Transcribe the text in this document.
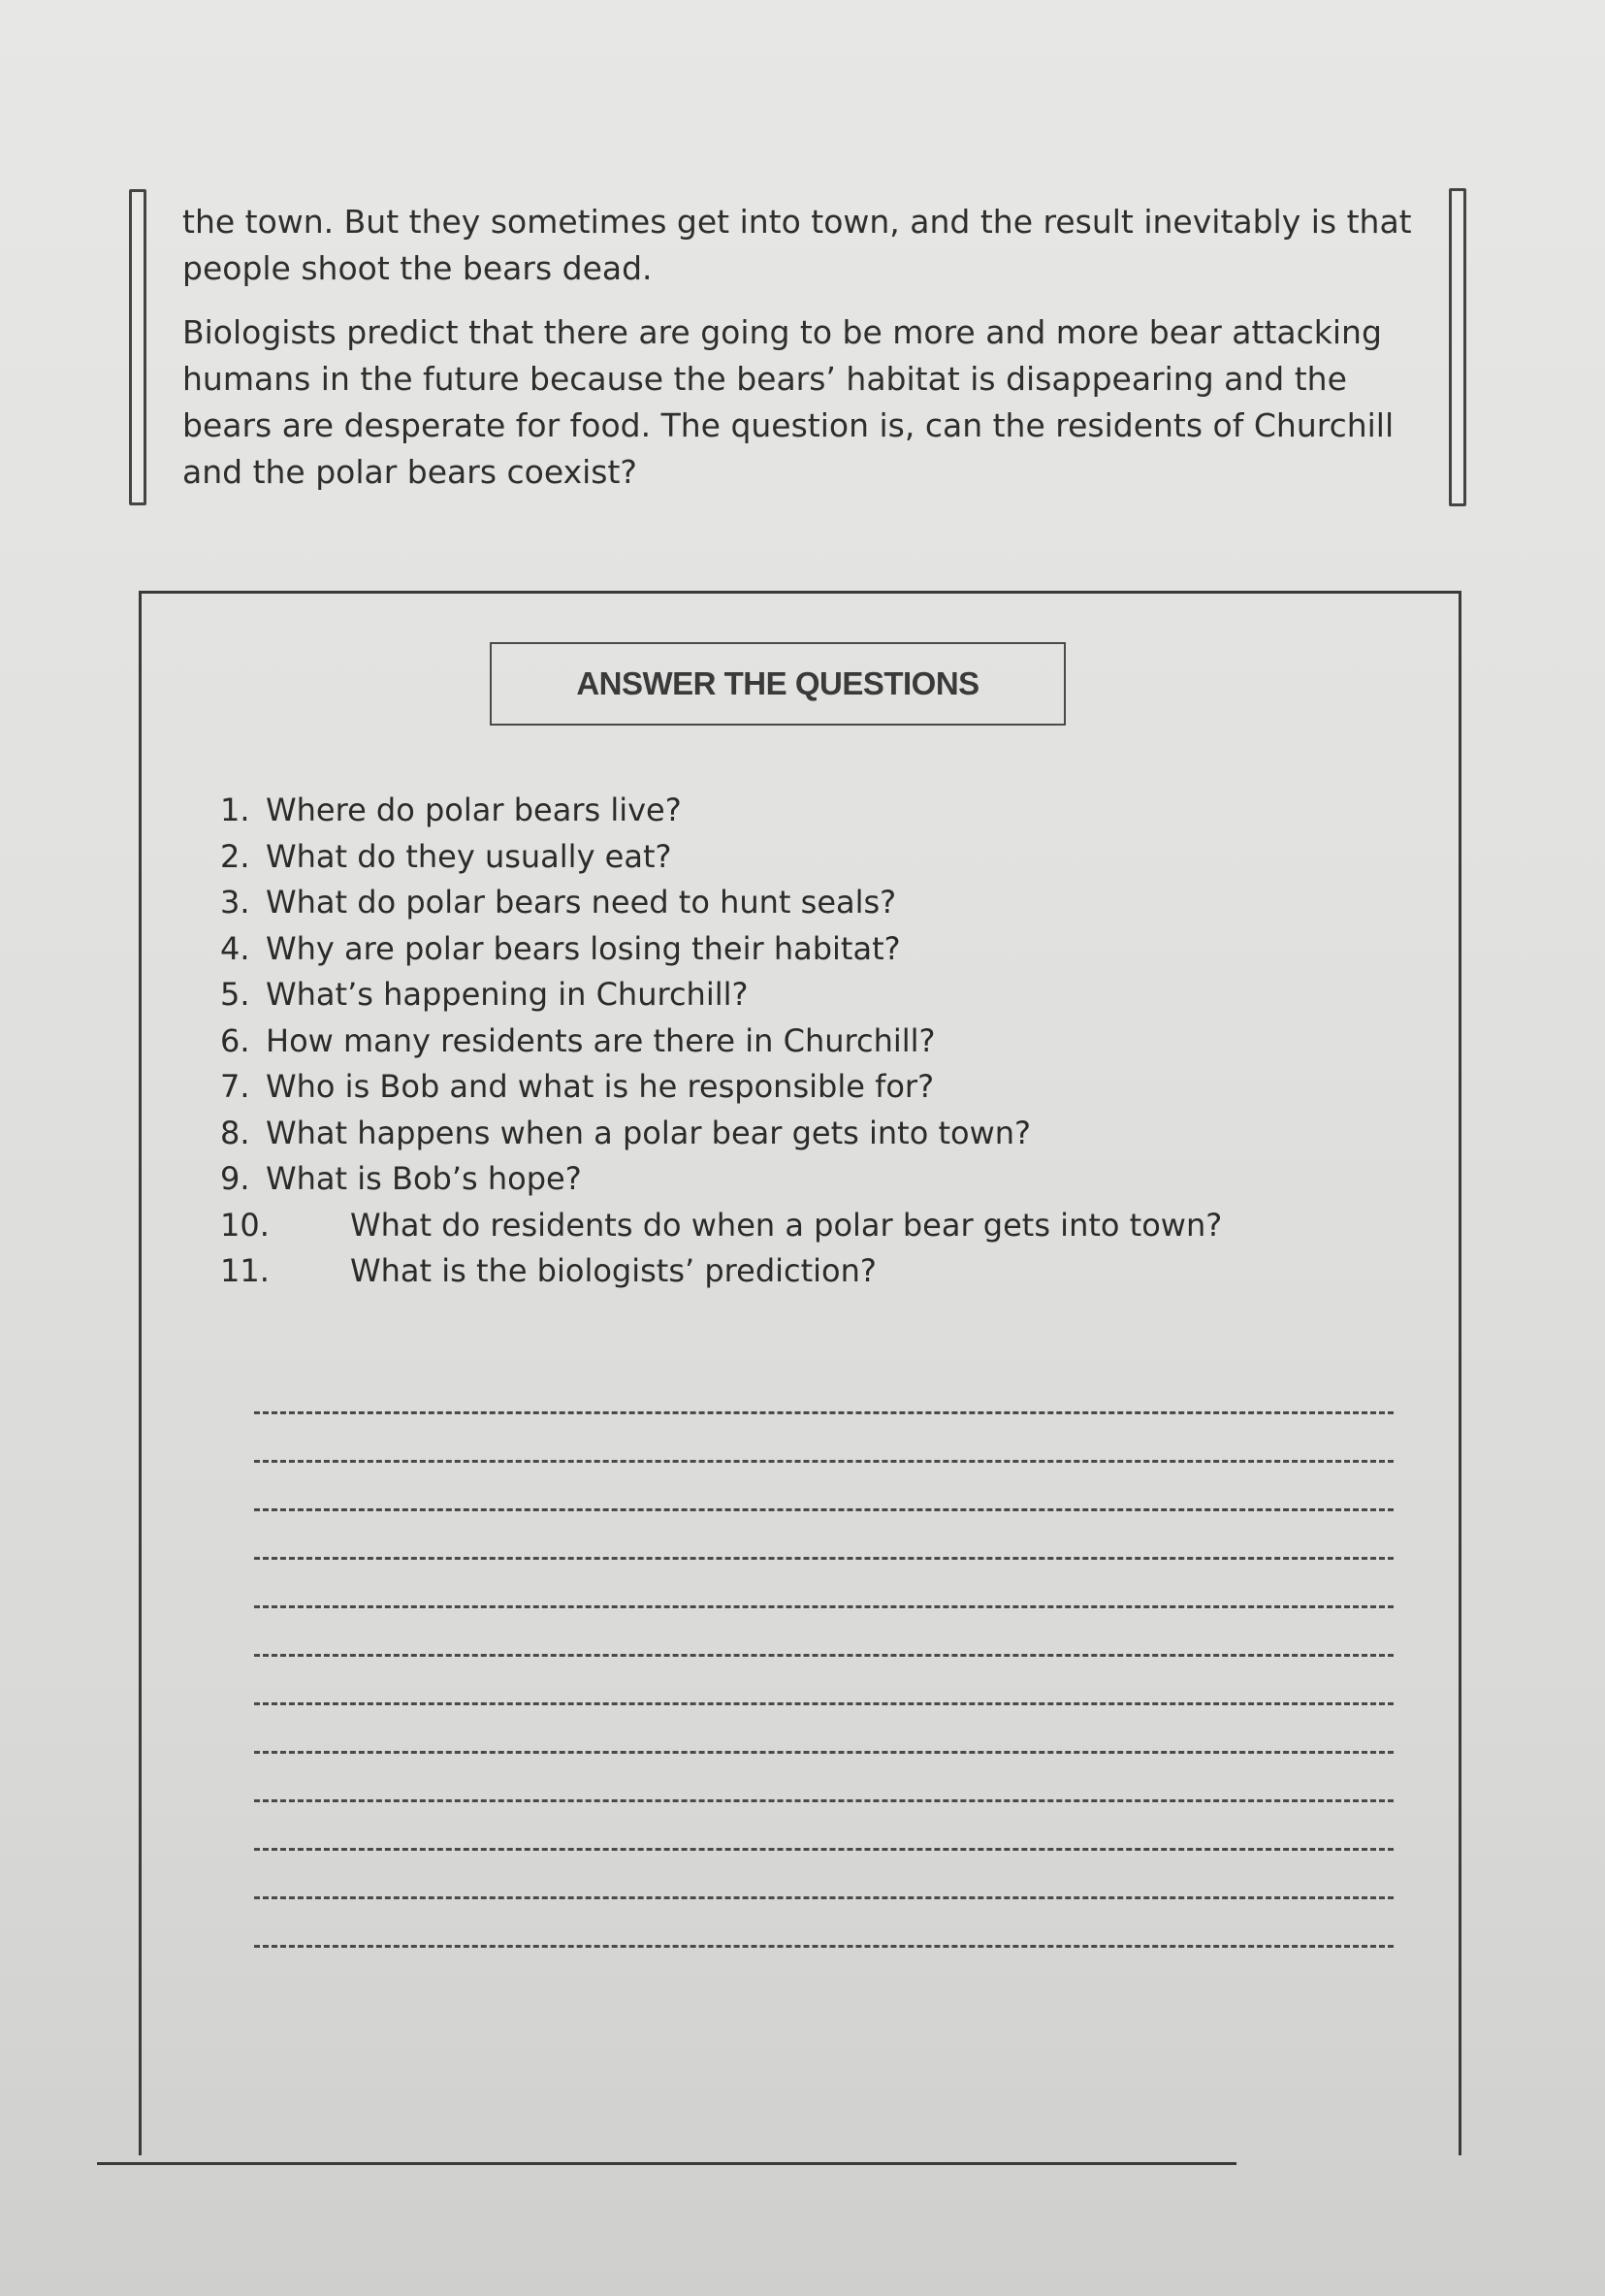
the town. But they sometimes get into town, and the result inevitably is that people shoot the bears dead.

Biologists predict that there are going to be more and more bear attacking humans in the future because the bears’ habitat is disappearing and the bears are desperate for food. The question is, can the residents of Churchill and the polar bears coexist?

ANSWER THE QUESTIONS
1. Where do polar bears live?
2. What do they usually eat?
3. What do polar bears need to hunt seals?
4. Why are polar bears losing their habitat?
5. What’s happening in Churchill?
6. How many residents are there in Churchill?
7. Who is Bob and what is he responsible for?
8. What happens when a polar bear gets into town?
9. What is Bob’s hope?
10.	What do residents do when a polar bear gets into town?
11.	What is the biologists’ prediction?
